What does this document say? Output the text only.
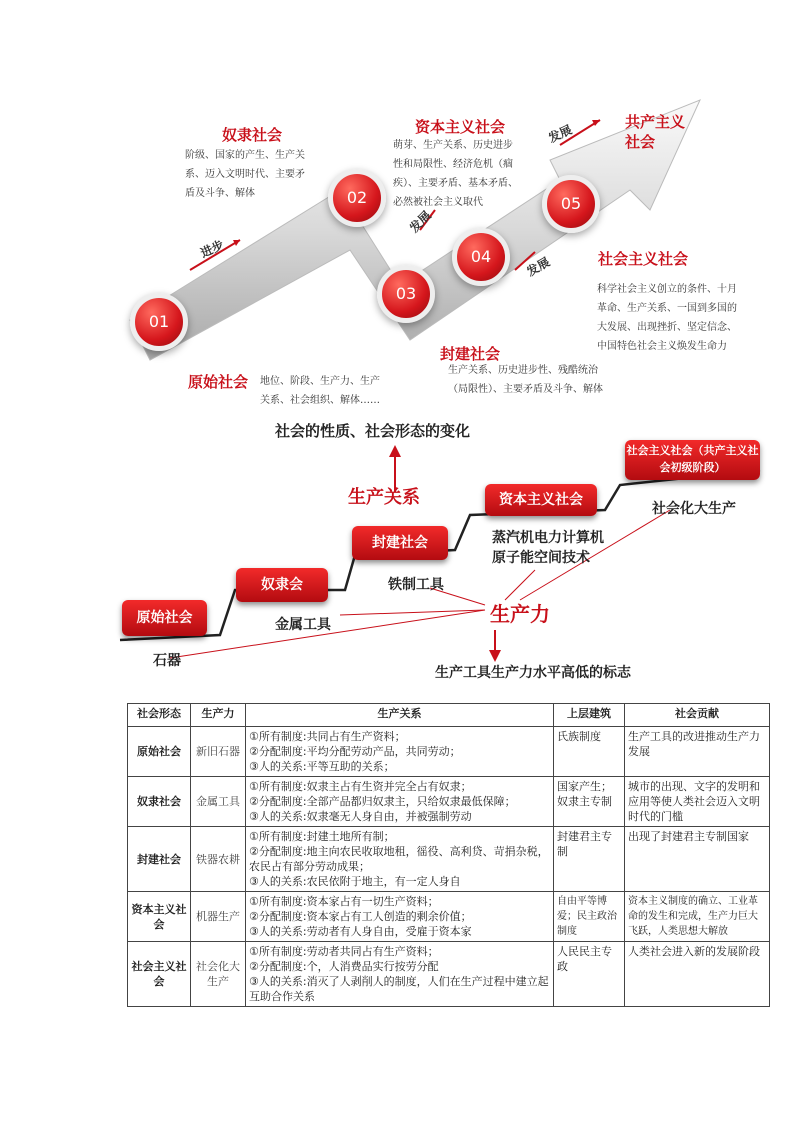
01
02
03
04
05
进步
发展
发展
发展
共产主义社会
奴隶社会
阶级、国家的产生、生产关
系、迈入文明时代、主要矛
盾及斗争、解体
资本主义社会
萌芽、生产关系、历史进步
性和局限性、经济危机（痼
疾）、主要矛盾、基本矛盾、
必然被社会主义取代
社会主义社会
科学社会主义创立的条件、十月
革命、生产关系、一国到多国的
大发展、出现挫折、坚定信念、
中国特色社会主义焕发生命力
封建社会
生产关系、历史进步性、残酷统治
（局限性）、主要矛盾及斗争、解体
原始社会 地位、阶段、生产力、生产
关系、社会组织、解体……
社会的性质、社会形态的变化
生产关系
生产力
生产工具生产力水平高低的标志
原始社会
奴隶会
封建社会
资本主义社会
社会主义社会（共产主义社会初级阶段）
石器
金属工具
铁制工具
蒸汽机电力计算机
原子能空间技术
社会化大生产
社会形态	生产力	生产关系	上层建筑	社会贡献
原始社会	新旧石器	①所有制度:共同占有生产资料；
②分配制度:平均分配劳动产品，共同劳动；
③人的关系:平等互助的关系；	氏族制度	生产工具的改进推动生产力发展
奴隶社会	金属工具	①所有制度:奴隶主占有生资并完全占有奴隶；
②分配制度:全部产品都归奴隶主，只给奴隶最低保障；
③人的关系:奴隶毫无人身自由，并被强制劳动	国家产生；奴隶主专制	城市的出现、文字的发明和应用等使人类社会迈入文明时代的门槛
封建社会	铁器农耕	①所有制度:封建土地所有制；
②分配制度:地主向农民收取地租，徭役、高利贷、苛捐杂税，农民占有部分劳动成果；
③人的关系:农民依附于地主，有一定人身自	封建君主专制	出现了封建君主专制国家
资本主义社会	机器生产	①所有制度:资本家占有一切生产资料；
②分配制度:资本家占有工人创造的剩余价值；
③人的关系:劳动者有人身自由，受雇于资本家	自由平等博爱；民主政治制度	资本主义制度的确立、工业革命的发生和完成，生产力巨大飞跃，人类思想大解放
社会主义社会	社会化大生产	①所有制度:劳动者共同占有生产资料；
②分配制度:个，人消费品实行按劳分配
③人的关系:消灭了人剥削人的制度，人们在生产过程中建立起互助合作关系	人民民主专政	人类社会进入新的发展阶段
